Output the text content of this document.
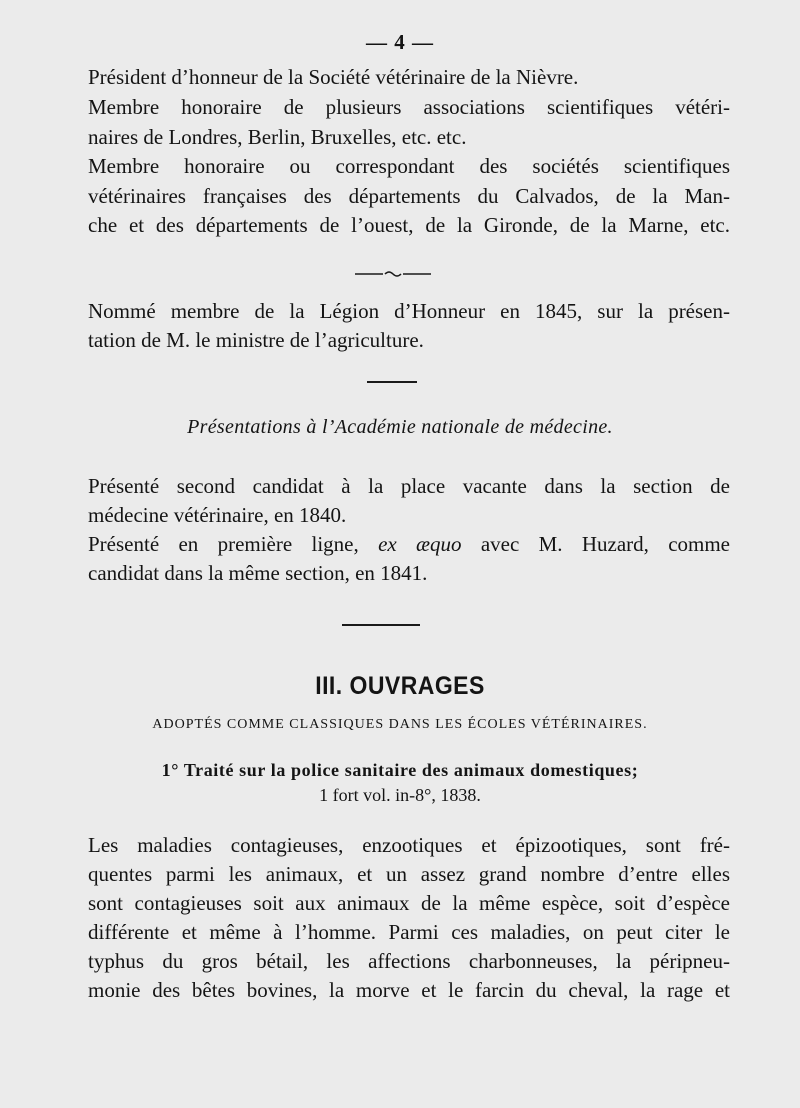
— 4 —
Président d’honneur de la Société vétérinaire de la Nièvre.
Membre honoraire de plusieurs associations scientifiques vétéri-
naires de Londres, Berlin, Bruxelles, etc. etc.
Membre honoraire ou correspondant des sociétés scientifiques
vétérinaires françaises des départements du Calvados, de la Man-
che et des départements de l’ouest, de la Gironde, de la Marne, etc.
Nommé membre de la Légion d’Honneur en 1845, sur la présen-
tation de M. le ministre de l’agriculture.
Présentations à l’Académie nationale de médecine.
Présenté second candidat à la place vacante dans la section de
médecine vétérinaire, en 1840.
Présenté en première ligne, ex æquo avec M. Huzard, comme
candidat dans la même section, en 1841.
III. OUVRAGES
ADOPTÉS COMME CLASSIQUES DANS LES ÉCOLES VÉTÉRINAIRES.
1° Traité sur la police sanitaire des animaux domestiques;
1 fort vol. in-8°, 1838.
Les maladies contagieuses, enzootiques et épizootiques, sont fré-
quentes parmi les animaux, et un assez grand nombre d’entre elles
sont contagieuses soit aux animaux de la même espèce, soit d’espèce
différente et même à l’homme. Parmi ces maladies, on peut citer le
typhus du gros bétail, les affections charbonneuses, la péripneu-
monie des bêtes bovines, la morve et le farcin du cheval, la rage et
